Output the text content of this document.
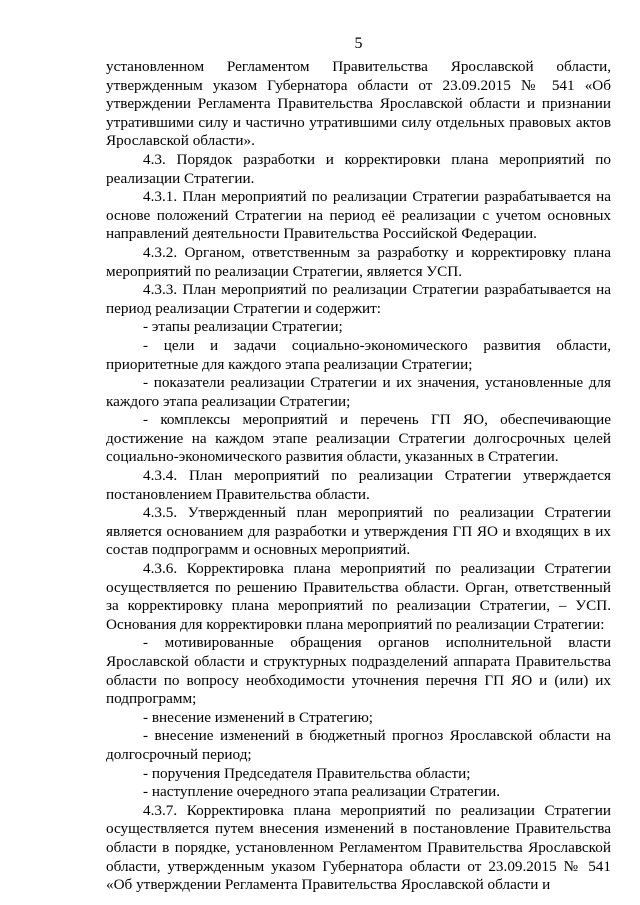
5

установленном Регламентом Правительства Ярославской области, утвержденным указом Губернатора области от 23.09.2015 № 541 «Об утверждении Регламента Правительства Ярославской области и признании утратившими силу и частично утратившими силу отдельных правовых актов Ярославской области».

4.3. Порядок разработки и корректировки плана мероприятий по реализации Стратегии.

4.3.1. План мероприятий по реализации Стратегии разрабатывается на основе положений Стратегии на период её реализации с учетом основных направлений деятельности Правительства Российской Федерации.

4.3.2. Органом, ответственным за разработку и корректировку плана мероприятий по реализации Стратегии, является УСП.

4.3.3. План мероприятий по реализации Стратегии разрабатывается на период реализации Стратегии и содержит:

- этапы реализации Стратегии;

- цели и задачи социально-экономического развития области, приоритетные для каждого этапа реализации Стратегии;

- показатели реализации Стратегии и их значения, установленные для каждого этапа реализации Стратегии;

- комплексы мероприятий и перечень ГП ЯО, обеспечивающие достижение на каждом этапе реализации Стратегии долгосрочных целей социально-экономического развития области, указанных в Стратегии.

4.3.4. План мероприятий по реализации Стратегии утверждается постановлением Правительства области.

4.3.5. Утвержденный план мероприятий по реализации Стратегии является основанием для разработки и утверждения ГП ЯО и входящих в их состав подпрограмм и основных мероприятий.

4.3.6. Корректировка плана мероприятий по реализации Стратегии осуществляется по решению Правительства области. Орган, ответственный за корректировку плана мероприятий по реализации Стратегии, – УСП. Основания для корректировки плана мероприятий по реализации Стратегии:

- мотивированные обращения органов исполнительной власти Ярославской области и структурных подразделений аппарата Правительства области по вопросу необходимости уточнения перечня ГП ЯО и (или) их подпрограмм;

- внесение изменений в Стратегию;

- внесение изменений в бюджетный прогноз Ярославской области на долгосрочный период;

- поручения Председателя Правительства области;

- наступление очередного этапа реализации Стратегии.

4.3.7. Корректировка плана мероприятий по реализации Стратегии осуществляется путем внесения изменений в постановление Правительства области в порядке, установленном Регламентом Правительства Ярославской области, утвержденным указом Губернатора области от 23.09.2015 № 541 «Об утверждении Регламента Правительства Ярославской области и
